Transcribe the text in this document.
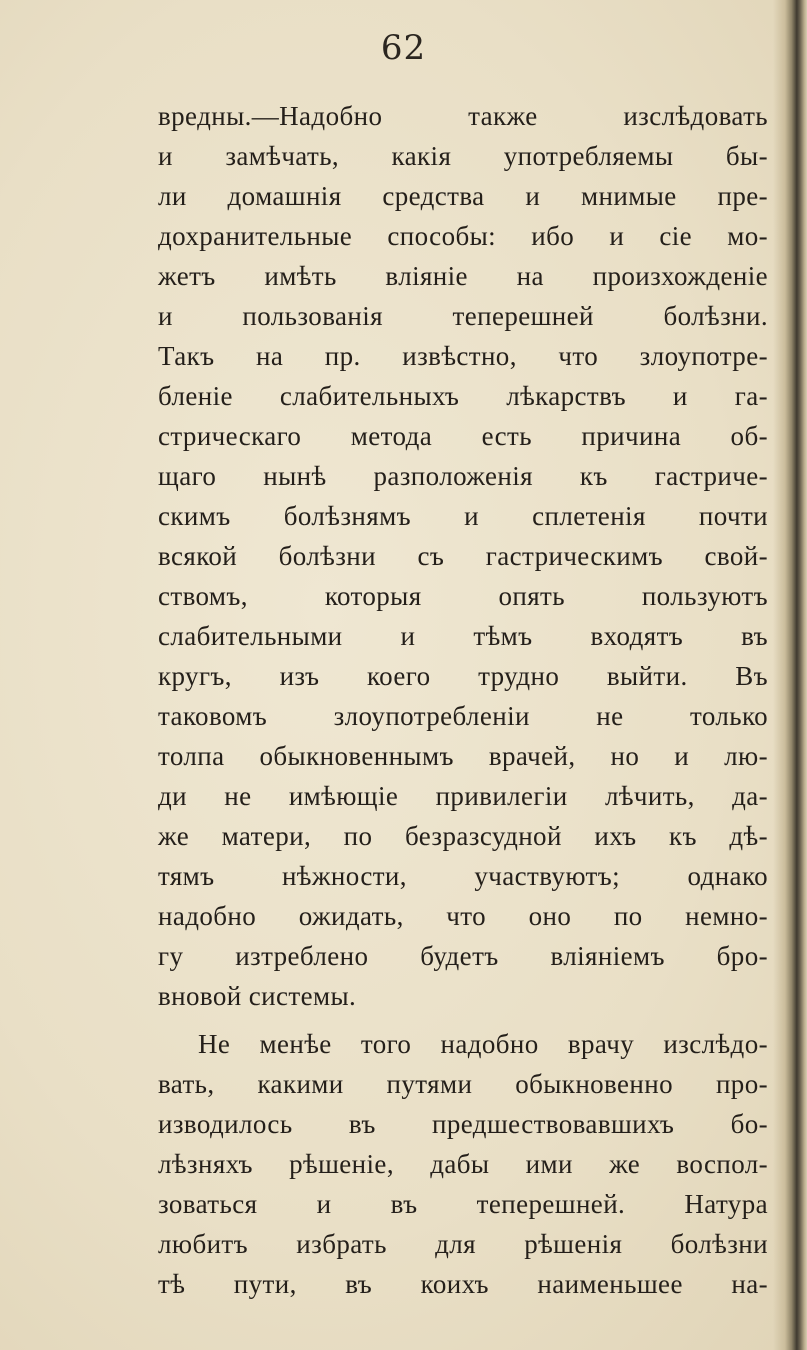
62
вредны.—Надобно также изслѣдовать
и замѣчать, какія употребляемы бы-
ли домашнія средства и мнимые пре-
дохранительные способы: ибо и сіе мо-
жетъ имѣть вліяніе на произхожденіе
и пользованія теперешней болѣзни.
Такъ на пр. извѣстно, что злоупотре-
бленіе слабительныхъ лѣкарствъ и га-
стрическаго метода есть причина об-
щаго нынѣ разположенія къ гастриче-
скимъ болѣзнямъ и сплетенія почти
всякой болѣзни съ гастрическимъ свой-
ствомъ, которыя опять пользуютъ
слабительными и тѣмъ входятъ въ
кругъ, изъ коего трудно выйти. Въ
таковомъ злоупотребленіи не только
толпа обыкновеннымъ врачей, но и лю-
ди не имѣющіе привилегіи лѣчить, да-
же матери, по безразсудной ихъ къ дѣ-
тямъ нѣжности, участвуютъ; однако
надобно ожидать, что оно по немно-
гу изтреблено будетъ вліяніемъ бро-
вновой системы.
Не менѣе того надобно врачу изслѣдо-
вать, какими путями обыкновенно про-
изводилось въ предшествовавшихъ бо-
лѣзняхъ рѣшеніе, дабы ими же воспол-
зоваться и въ теперешней. Натура
любитъ избрать для рѣшенія болѣзни
тѣ пути, въ коихъ наименьшее на-
